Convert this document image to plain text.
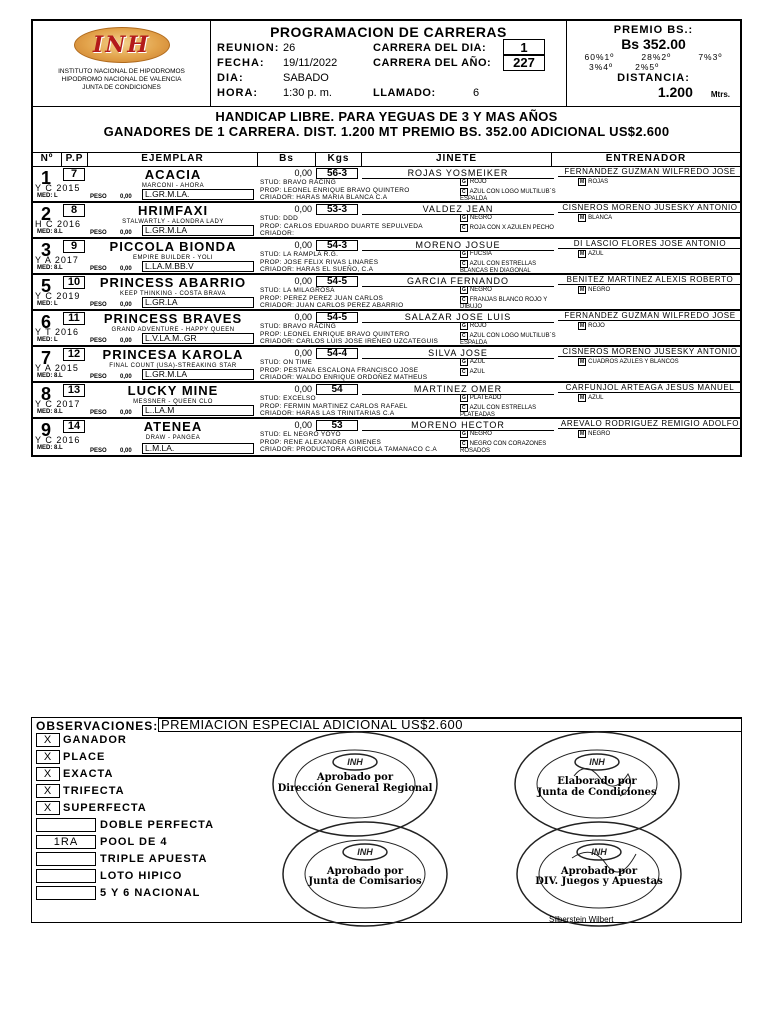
INH
INSTITUTO NACIONAL DE HIPODROMOS
HIPODROMO NACIONAL DE VALENCIA
JUNTA DE CONDICIONES
PROGRAMACION DE CARRERAS
REUNION: 26	CARRERA DEL DIA:	1
FECHA:	19/11/2022	CARRERA DEL AÑO:	227
DIA:	SABADO
HORA:	1:30 p. m.	LLAMADO:	6
PREMIO BS.:
Bs 352.00
60%1º	28%2º	7%3º
3%4º	2%5º
DISTANCIA:
1.200 Mtrs.
HANDICAP LIBRE. PARA YEGUAS DE 3 Y MAS AÑOS
GANADORES DE 1 CARRERA. DIST. 1.200 MT PREMIO BS. 352.00 ADICIONAL US$2.600
Nº	P.P	EJEMPLAR	Bs	Kgs	JINETE	ENTRENADOR
1	7
Y C 2015
MED: L
ACACIA
MARCONI - AHORA
PESO 0,00	L.GR.M.LA.
0,00	56-3	ROJAS YOSMEIKER	FERNANDEZ GUZMAN WILFREDO JOSE
STUD: BRAVO RACING
PROP: LEONEL ENRIQUE BRAVO QUINTERO
CRIADOR: HARAS MARIA BLANCA C.A
G ROJO
C AZUL CON LOGO MULTILUB´S ESPALDA
M ROJAS
2	8
H C 2016
MED: 8.L
HRIMFAXI
STALWARTLY - ALONDRA LADY
PESO 0,00	L.GR.M.LA
0,00	53-3	VALDEZ JEAN	CISNEROS MORENO JUSESKY ANTONIO
STUD: DDD
PROP: CARLOS EDUARDO DUARTE SEPULVEDA
CRIADOR:
G NEGRO
C ROJA CON X AZULEN PECHO
M BLANCA
3	9
Y A 2017
MED: 8.L
PICCOLA BIONDA
EMPIRE BUILDER - YOLI
PESO 0,00	L.LA.M.BB.V
0,00	54-3	MORENO JOSUE	DI LASCIO FLORES JOSE ANTONIO
STUD: LA RAMPLA R.G.
PROP: JOSE FELIX RIVAS LINARES
CRIADOR: HARAS EL SUEÑO, C.A
G FUCSIA
C AZUL CON ESTRELLAS BLANCAS EN DIAGONAL
M AZUL
5	10
Y C 2019
MED: L
PRINCESS ABARRIO
KEEP THINKING - COSTA BRAVA
PESO 0,00	L.GR.LA
0,00	54-5	GARCIA FERNANDO	BENITEZ MARTINEZ ALEXIS ROBERTO
STUD: LA MILAGROSA
PROP: PEREZ PEREZ JUAN CARLOS
CRIADOR: JUAN CARLOS PEREZ ABARRIO
G NEGRO
C FRANJAS BLANCO ROJO Y DIBUJO
M NEGRO
6	11
Y T 2016
MED: L
PRINCESS BRAVES
GRAND ADVENTURE - HAPPY QUEEN
PESO 0,00	L.V.LA.M..GR
0,00	54-5	SALAZAR JOSE LUIS	FERNANDEZ GUZMAN WILFREDO JOSE
STUD: BRAVO RACING
PROP: LEONEL ENRIQUE BRAVO QUINTERO
CRIADOR: CARLOS LUIS JOSE IRENEO UZCATEGUIS
G ROJO
C AZUL CON LOGO MULTILUB´S ESPALDA
M ROJO
7	12
Y A 2015
MED: 8.L
PRINCESA KAROLA
FINAL COUNT (USA)-STREAKING STAR
PESO 0,00	L.GR.M.LA
0,00	54-4	SILVA JOSE	CISNEROS MORENO JUSESKY ANTONIO
STUD: ON TIME
PROP: PESTANA ESCALONA FRANCISCO JOSE
CRIADOR: WALDO ENRIQUE ORDOÑEZ MATHEUS
G AZUL
C AZUL
M CUADROS AZULES Y BLANCOS
8	13
Y C 2017
MED: 8.L
LUCKY MINE
MESSNER - QUEEN CLO
PESO 0,00	L..LA.M
0,00	54	MARTINEZ OMER	CARFUNJOL ARTEAGA JESUS MANUEL
STUD: EXCELSO
PROP: FERMIN MARTINEZ CARLOS RAFAEL
CRIADOR: HARAS LAS TRINITARIAS C.A
G PLATEADO
C AZUL CON ESTRELLAS PLATEADAS
M AZUL
9	14
Y C 2016
MED: 8.L
ATENEA
DRAW - PANGEA
PESO 0,00	L.M.LA.
0,00	53	MORENO HECTOR	AREVALO RODRIGUEZ REMIGIO ADOLFO
STUD: EL NEGRO YOYO
PROP: RENE ALEXANDER GIMENES
CRIADOR: PRODUCTORA AGRICOLA TAMANACO C.A
G NEGRO
C NEGRO CON CORAZONES ROSADOS
M NEGRO
OBSERVACIONES: PREMIACION ESPECIAL ADICIONAL US$2.600
X GANADOR
X PLACE
X EXACTA
X TRIFECTA
X SUPERFECTA
DOBLE PERFECTA
1RA	POOL DE 4
TRIPLE APUESTA
LOTO HIPICO
5 Y 6 NACIONAL
INH
Aprobado por
Dirección General Regional
INH
Elaborado por
Junta de Condiciones
INH
Aprobado por
Junta de Comisarios
INH
Aprobado por
DIV. Juegos y Apuestas
Silberstein Wilbert
